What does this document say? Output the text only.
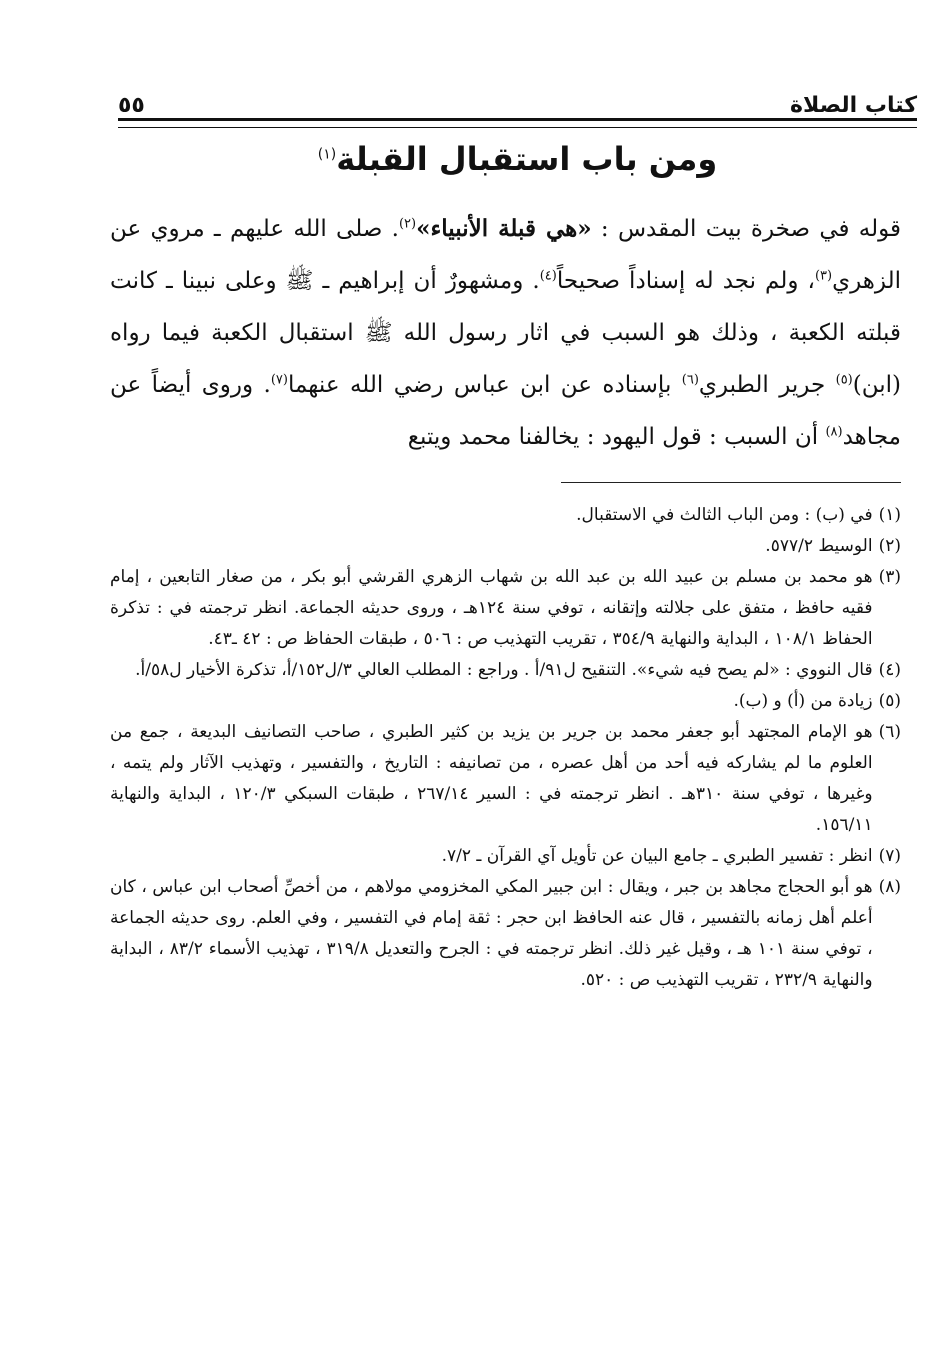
كتاب الصلاة
٥٥
ومن باب استقبال القبلة$^{(١)}$

قوله في صخرة بيت المقدس : «هي قبلة الأنبياء»$^{(٢)}$. صلى الله عليهم ـ مروي عن الزهري$^{(٣)}$، ولم نجد له إسناداً صحيحاً$^{(٤)}$. ومشهورٌ أن إبراهيم ـ ﷺ وعلى نبينا ـ كانت قبلته الكعبة ، وذلك هو السبب في اثار رسول الله ﷺ استقبال الكعبة فيما رواه (ابن)$^{(٥)}$ جرير الطبري$^{(٦)}$ بإسناده عن ابن عباس رضي الله عنهما$^{(٧)}$. وروى أيضاً عن مجاهد$^{(٨)}$ أن السبب : قول اليهود : يخالفنا محمد ويتبع

(١)
في (ب) : ومن الباب الثالث في الاستقبال.
(٢)
الوسيط ٥٧٧/٢.
(٣)
هو محمد بن مسلم بن عبيد الله بن عبد الله بن شهاب الزهري القرشي أبو بكر ، من صغار التابعين ، إمام فقيه حافظ ، متفق على جلالته وإتقانه ، توفي سنة ١٢٤هـ ، وروى حديثه الجماعة. انظر ترجمته في : تذكرة الحفاظ ١٠٨/١ ، البداية والنهاية ٣٥٤/٩ ، تقريب التهذيب ص : ٥٠٦ ، طبقات الحفاظ ص : ٤٢ ـ٤٣.
(٤)
قال النووي : «لم يصح فيه شيء». التنقيح ل٩١/أ . وراجع : المطلب العالي ٣/ل١٥٢/أ، تذكرة الأخيار ل٥٨/أ.
(٥)
زيادة من (أ) و (ب).
(٦)
هو الإمام المجتهد أبو جعفر محمد بن جرير بن يزيد بن كثير الطبري ، صاحب التصانيف البديعة ، جمع من العلوم ما لم يشاركه فيه أحد من أهل عصره ، من تصانيفه : التاريخ ، والتفسير ، وتهذيب الآثار ولم يتمه ، وغيرها ، توفي سنة ٣١٠هـ . انظر ترجمته في : السير ٢٦٧/١٤ ، طبقات السبكي ١٢٠/٣ ، البداية والنهاية ١٥٦/١١.
(٧)
انظر : تفسير الطبري ـ جامع البيان عن تأويل آي القرآن ـ ٧/٢.
(٨)
هو أبو الحجاج مجاهد بن جبر ، ويقال : ابن جبير المكي المخزومي مولاهم ، من أخصِّ أصحاب ابن عباس ، كان أعلم أهل زمانه بالتفسير ، قال عنه الحافظ ابن حجر : ثقة إمام في التفسير ، وفي العلم. روى حديثه الجماعة ، توفي سنة ١٠١ هـ ، وقيل غير ذلك. انظر ترجمته في : الجرح والتعديل ٣١٩/٨ ، تهذيب الأسماء ٨٣/٢ ، البداية والنهاية ٢٣٢/٩ ، تقريب التهذيب ص : ٥٢٠.
